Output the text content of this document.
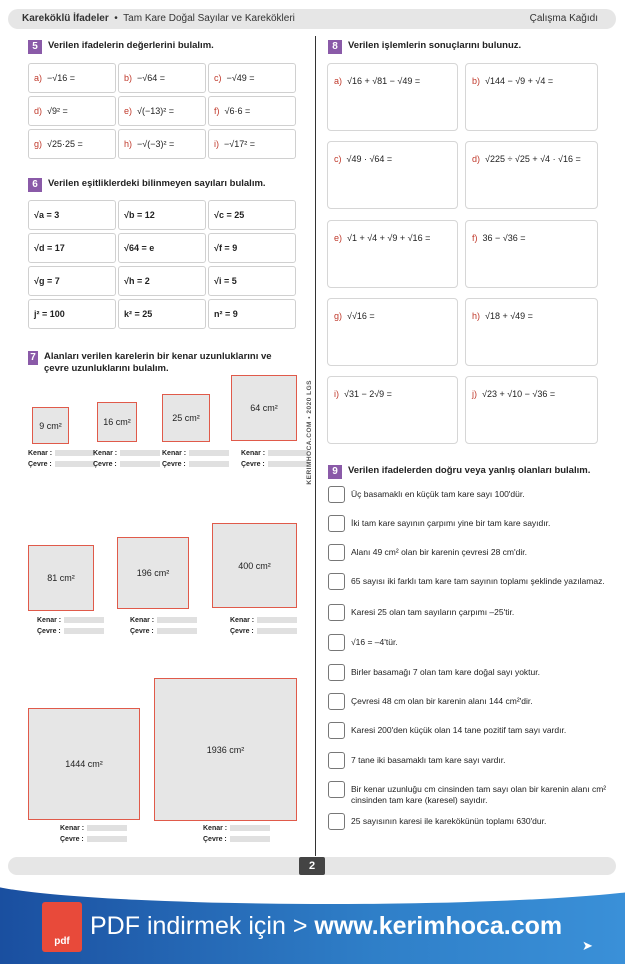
Kareköklü İfadeler  •  Tam Kare Doğal Sayılar ve Karekökleri	Çalışma Kağıdı
5	Verilen ifadelerin değerlerini bulalım.
a) −√16 =	b) −√64 =	c) −√49 =
d) √9² =	e) √(−13)² =	f) √6·6 =
g) √25·25 =	h) −√(−3)² =	i) −√17² =
6	Verilen eşitliklerdeki bilinmeyen sayıları bulalım.
√a = 3	√b = 12	√c = 25
√d = 17	√64 = e	√f = 9
√g = 7	√h = 2	√i = 5
j² = 100	k² = 25	n² = 9
7 Alanları verilen karelerin bir kenar uzunluklarını ve çevre uzunluklarını bulalım.
9 cm²
Kenar :
Çevre :
16 cm²
Kenar :
Çevre :
25 cm²
Kenar :
Çevre :
64 cm²
Kenar :
Çevre :
81 cm²
Kenar :
Çevre :
196 cm²
Kenar :
Çevre :
400 cm²
Kenar :
Çevre :
1444 cm²
Kenar :
Çevre :
1936 cm²
Kenar :
Çevre :
KERIMHOCA.COM • 2020 LGS
8	Verilen işlemlerin sonuçlarını bulunuz.
a) √16 + √81 − √49 =	b) √144 − √9 + √4 =
c) √49 · √64 =	d) √225 ÷ √25 + √4 · √16 =
e) √1 + √4 + √9 + √16 =	f) 36 − √36 =
g) √√16 =	h) √18 + √49 =
i) √31 − 2√9 =	j) √23 + √10 − √36 =
9	Verilen ifadelerden doğru veya yanlış olanları bulalım.
Üç basamaklı en küçük tam kare sayı 100'dür.
İki tam kare sayının çarpımı yine bir tam kare sayıdır.
Alanı 49 cm² olan bir karenin çevresi 28 cm'dir.
65 sayısı iki farklı tam kare tam sayının toplamı şeklinde yazılamaz.
Karesi 25 olan tam sayıların çarpımı –25'tir.
√16 = –4'tür.
Birler basamağı 7 olan tam kare doğal sayı yoktur.
Çevresi 48 cm olan bir karenin alanı 144 cm²'dir.
Karesi 200'den küçük olan 14 tane pozitif tam sayı vardır.
7 tane iki basamaklı tam kare sayı vardır.
Bir kenar uzunluğu cm cinsinden tam sayı olan bir karenin alanı cm² cinsinden tam kare (karesel) sayıdır.
25 sayısının karesi ile karekökünün toplamı 630'dur.
2
pdf
PDF indirmek için > www.kerimhoca.com
➤
